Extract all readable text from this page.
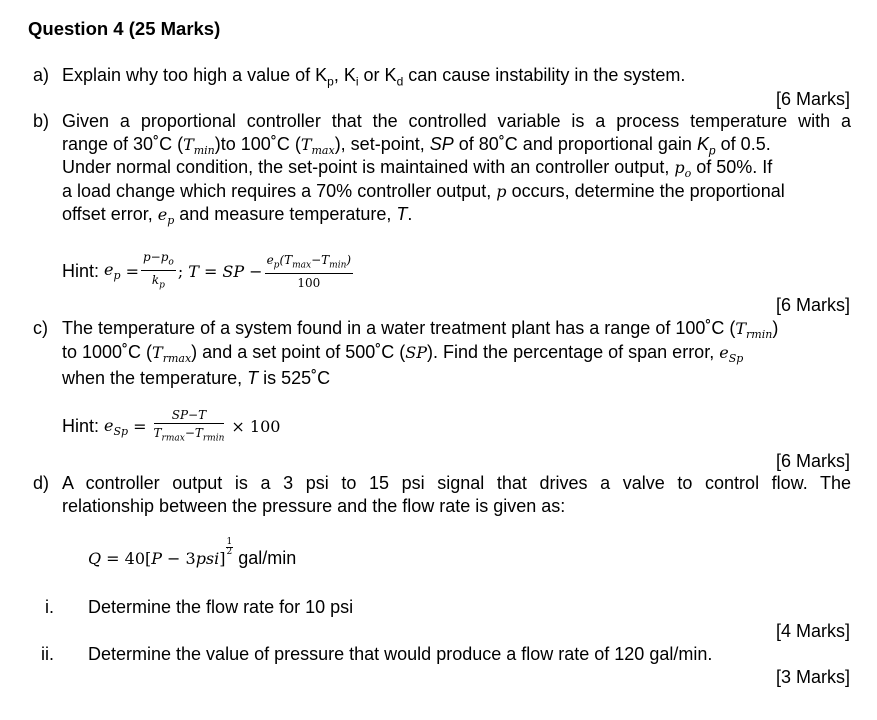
Question 4 (25 Marks)
a) Explain why too high a value of $K_p$, $K_i$ or $K_d$ can cause instability in the system.
[6 Marks]
b) Given a proportional controller that the controlled variable is a process temperature with a
range of 30˚C $(T_{min})to$ 100˚C $(T_{max})$, set-point, SP of 80˚C and proportional gain $K_p$ of 0.5.
Under normal condition, the set-point is maintained with an controller output, $p_o$ of 50%. If
a load change which requires a 70% controller output, p occurs, determine the proportional
offset error, $e_p$ and measure temperature, T.
Hint:
$e_p$
= $\frac{p-p_o}{k_p}$ ; T
=
SP
− $\frac{e_p(T_{max}-T_{min})}{100}$
[6 Marks]
c) The temperature of a system found in a water treatment plant has a range of 100˚C $(T_{rmin})$
to 1000˚C $(T_{rmax})$ and a set point of 500˚C (SP). Find the percentage of span error, $e_{Sp}$
when the temperature, T is 525˚C
Hint:
$e_{Sp}$
=
$\frac{SP-T}{T_{rmax}-T_{rmin}}$
× 100
[6 Marks]
d) A controller output is a 3 psi to 15 psi signal that drives a valve to control flow. The
relationship between the pressure and the flow rate is given as:
Q = 40[P − 3psi]
$\frac{1}{2}$
gal/min
i. Determine the flow rate for 10 psi
[4 Marks]
ii. Determine the value of pressure that would produce a flow rate of 120 gal/min.
[3 Marks]
